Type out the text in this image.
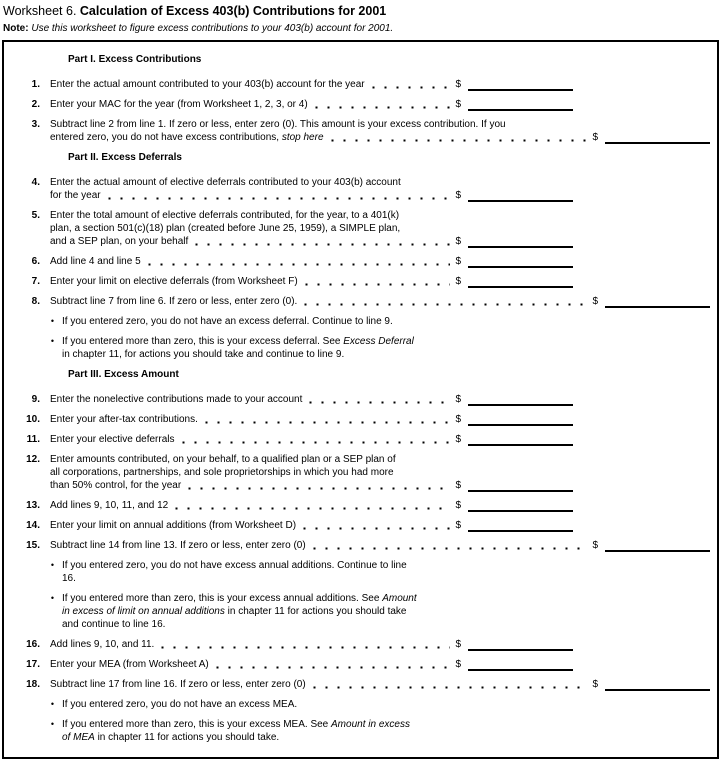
Worksheet 6. Calculation of Excess 403(b) Contributions for 2001
Note: Use this worksheet to figure excess contributions to your 403(b) account for 2001.
Part I. Excess Contributions
1. Enter the actual amount contributed to your 403(b) account for the year	$
2. Enter your MAC for the year (from Worksheet 1, 2, 3, or 4)	$
3. Subtract line 2 from line 1. If zero or less, enter zero (0). This amount is your excess contribution. If you
entered zero, you do not have excess contributions, stop here	$
Part II. Excess Deferrals
4. Enter the actual amount of elective deferrals contributed to your 403(b) account
for the year	$
5. Enter the total amount of elective deferrals contributed, for the year, to a 401(k)
plan, a section 501(c)(18) plan (created before June 25, 1959), a SIMPLE plan,
and a SEP plan, on your behalf	$
6. Add line 4 and line 5	$
7. Enter your limit on elective deferrals (from Worksheet F)	$
8. Subtract line 7 from line 6. If zero or less, enter zero (0).	$
• If you entered zero, you do not have an excess deferral. Continue to line 9.
• If you entered more than zero, this is your excess deferral. See Excess Deferral
in chapter 11, for actions you should take and continue to line 9.
Part III. Excess Amount
9. Enter the nonelective contributions made to your account	$
10. Enter your after-tax contributions.	$
11. Enter your elective deferrals	$
12. Enter amounts contributed, on your behalf, to a qualified plan or a SEP plan of
all corporations, partnerships, and sole proprietorships in which you had more
than 50% control, for the year	$
13. Add lines 9, 10, 11, and 12	$
14. Enter your limit on annual additions (from Worksheet D)	$
15. Subtract line 14 from line 13. If zero or less, enter zero (0)	$
• If you entered zero, you do not have excess annual additions. Continue to line
16.
• If you entered more than zero, this is your excess annual additions. See Amount
in excess of limit on annual additions in chapter 11 for actions you should take
and continue to line 16.
16. Add lines 9, 10, and 11.	$
17. Enter your MEA (from Worksheet A)	$
18. Subtract line 17 from line 16. If zero or less, enter zero (0)	$
• If you entered zero, you do not have an excess MEA.
• If you entered more than zero, this is your excess MEA. See Amount in excess
of MEA in chapter 11 for actions you should take.
